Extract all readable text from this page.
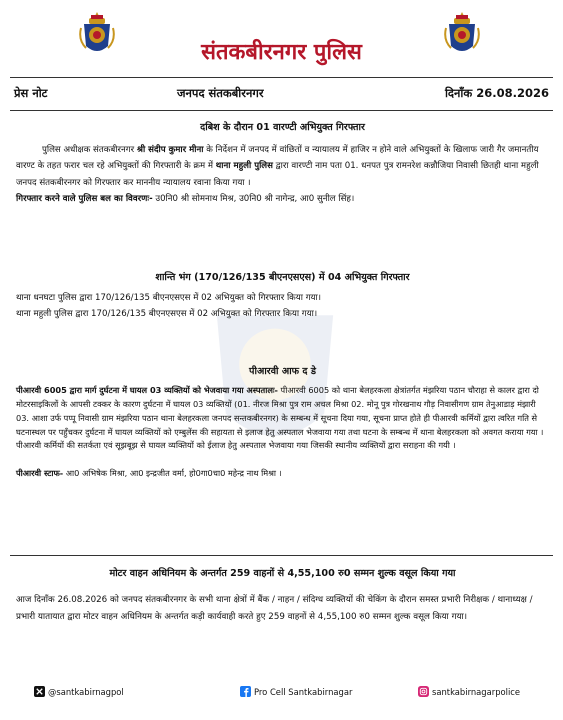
संतकबीरनगर पुलिस
प्रेस नोट	जनपद संतकबीरनगर	दिनाँक 26.08.2026
दबिश के दौरान 01 वारण्टी अभियुक्त गिरफ्तार
पुलिस अधीक्षक संतकबीरनगर श्री संदीप कुमार मीना के निर्देशन में जनपद में वांछितों व न्यायालय में हाजिर न होने वाले अभियुक्तों के खिलाफ जारी गैर जमानतीय वारण्ट के तहत फरार चल रहे अभियुक्तों की गिरफ्तारी के क्रम में थाना महुली पुलिस द्वारा वारण्टी नाम पता 01. धनपत पुत्र रामनरेश कन्नौजिया निवासी छितही थाना महुली जनपद संतकबीरनगर को गिरफ्तार कर माननीय न्यायालय रवाना किया गया ।
गिरफ्तार करने वाले पुलिस बल का विवरणः- उ0नि0 श्री सोमनाथ मिश्र, उ0नि0 श्री नागेन्द्र, आ0 सुनील सिंह।
शान्ति भंग (170/126/135 बीएनएसएस) में 04 अभियुक्त गिरफ्तार
थाना धनघटा पुलिस द्वारा 170/126/135 बीएनएसएस में 02 अभियुक्त को गिरफ्तार किया गया।
थाना महुली पुलिस द्वारा 170/126/135 बीएनएसएस में 02 अभियुक्त को गिरफ्तार किया गया।
पीआरवी आफ द डे
पीआरवी 6005 द्वारा मार्ग दुर्घटना में घायल 03 व्यक्तियों को भेजवाया गया अस्पतालः- पीआरवी 6005 को थाना बेलहरकला क्षेत्रांतर्गत मंझरिया पठान चौराहा से कालर द्वारा दो मोटरसाइकिलों के आपसी टक्कर के कारण दुर्घटना में घायल 03 व्यक्तियों (01. नीरज मिश्रा पुत्र राम अचल मिश्रा 02. मोनू पुत्र गोरखनाथ गौड़ निवासीगण ग्राम तेनुआडाड़ मंझारी 03. आशा उर्फ पप्पू निवासी ग्राम मंझरिया पठान थाना बेलहरकला जनपद सन्तकबीरनगर) के सम्बन्ध में सूचना दिया गया, सूचना प्राप्त होते ही पीआरवी कर्मियों द्वारा त्वरित गति से घटनास्थल पर पहुँचकर दुर्घटना में घायल व्यक्तियों को एम्बुलेंस की सहायता से इलाज हेतु अस्पताल भेजवाया गया तथा घटना के सम्बन्ध में थाना बेलहरकला को अवगत कराया गया । पीआरवी कर्मियों की सतर्कता एवं सूझबूझ से घायल व्यक्तियों को ईलाज हेतु अस्पताल भेजवाया गया जिसकी स्थानीय व्यक्तियों द्वारा सराहना की गयी ।
पीआरवी स्टाफ- आ0 अभिषेक मिश्रा, आ0 इन्द्रजीत वर्मा, हो0गा0चा0 महेन्द्र नाथ मिश्रा ।
मोटर वाहन अधिनियम के अन्तर्गत 259 वाहनों से 4,55,100 रु0 सम्मन शुल्क वसूल किया गया
आज दिनाँक 26.08.2026 को जनपद संतकबीरनगर के सभी थाना क्षेत्रों में बैंक / नाहन / संदिग्ध व्यक्तियों की चेकिंग के दौरान समस्त प्रभारी निरीक्षक / थानाध्यक्ष / प्रभारी यातायात द्वारा मोटर वाहन अधिनियम के अन्तर्गत कड़ी कार्यवाही करते हुए 259 वाहनों से 4,55,100 रु0 सम्मन शुल्क वसूल किया गया।
@santkabirnagpol	Pro Cell Santkabirnagar	santkabirnagarpolice
